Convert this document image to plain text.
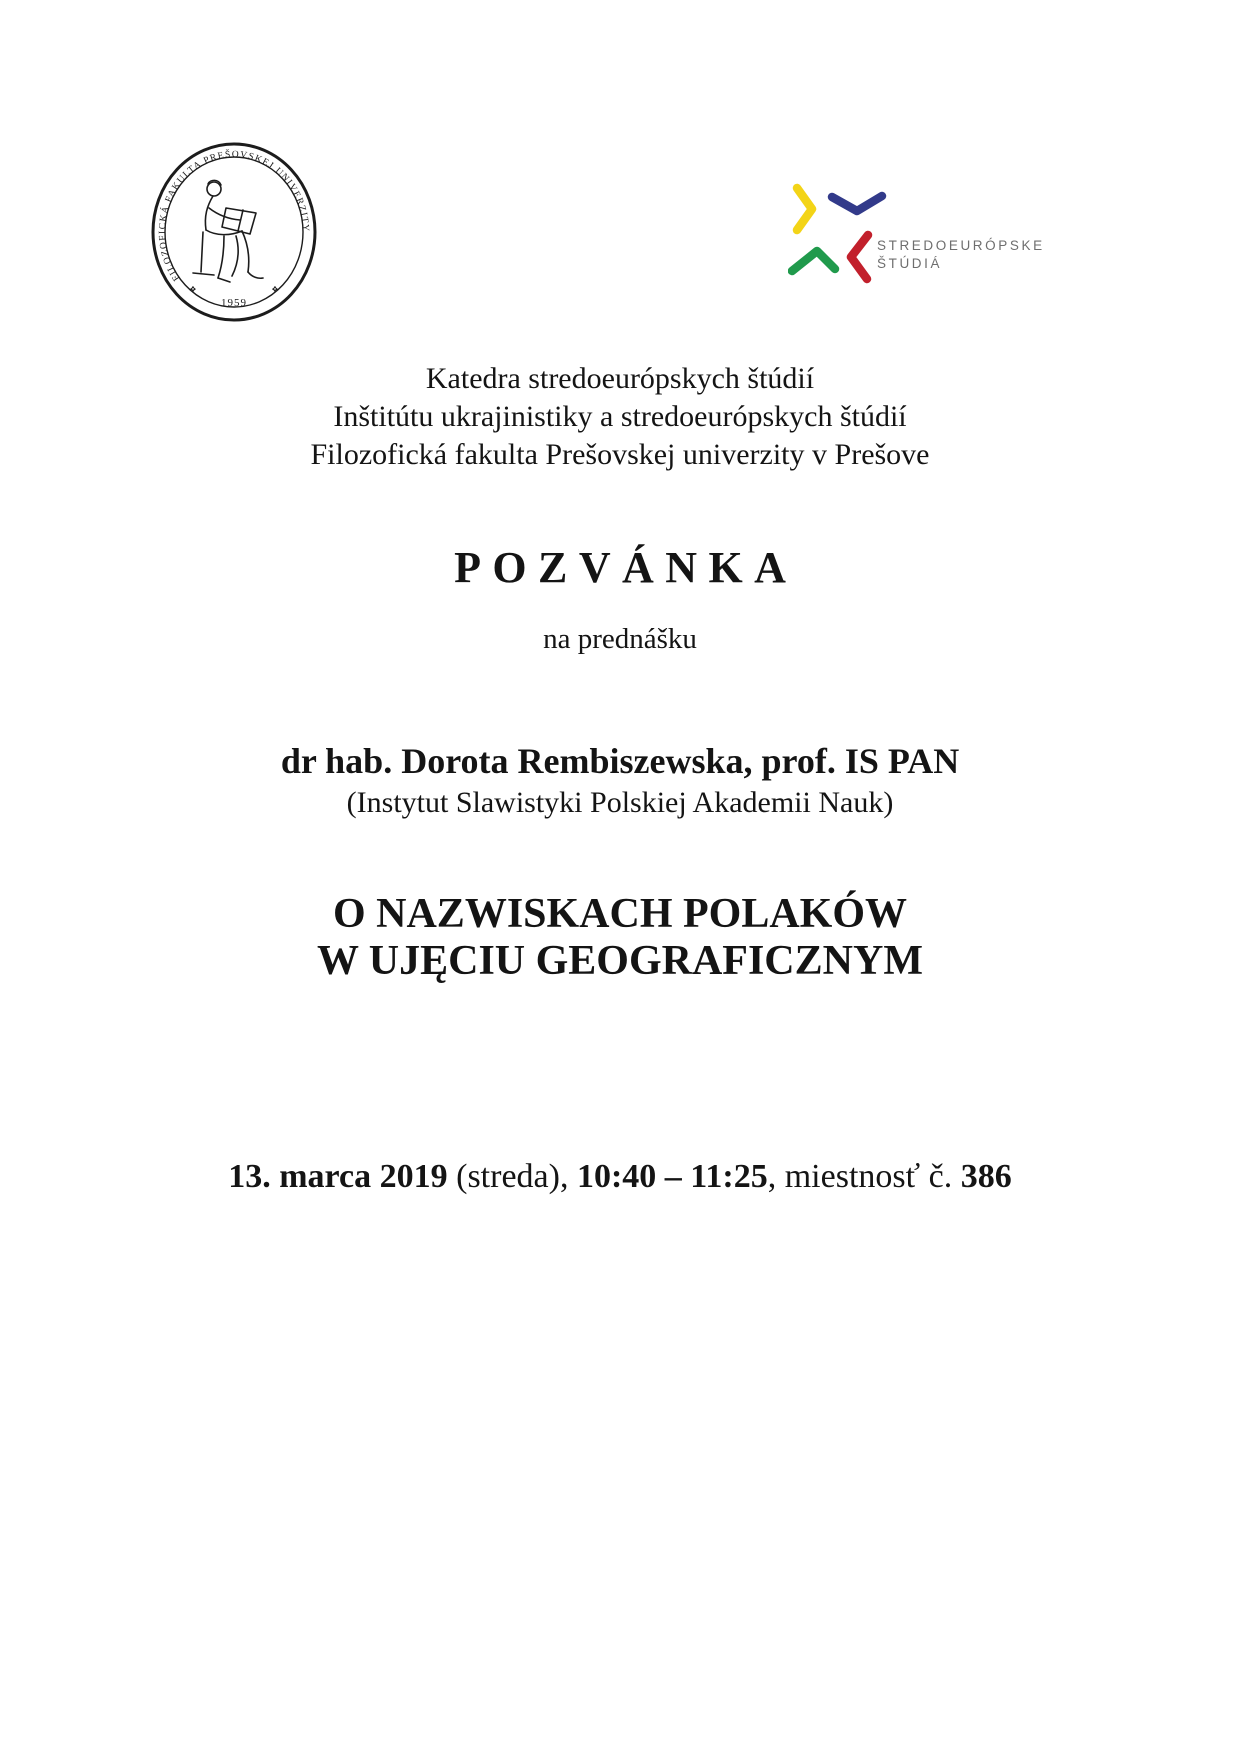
FILOZOFICKÁ FAKULTA PREŠOVSKEJ UNIVERZITY
❖	❖
1959
STREDOEURÓPSKE
ŠTÚDIÁ
Katedra stredoeurópskych štúdií
Inštitútu ukrajinistiky a stredoeurópskych štúdií
Filozofická fakulta Prešovskej univerzity v Prešove
POZVÁNKA
na prednášku
dr hab. Dorota Rembiszewska, prof. IS PAN
(Instytut Slawistyki Polskiej Akademii Nauk)
O NAZWISKACH POLAKÓW
W UJĘCIU GEOGRAFICZNYM
13. marca 2019 (streda), 10:40 – 11:25, miestnosť č. 386
